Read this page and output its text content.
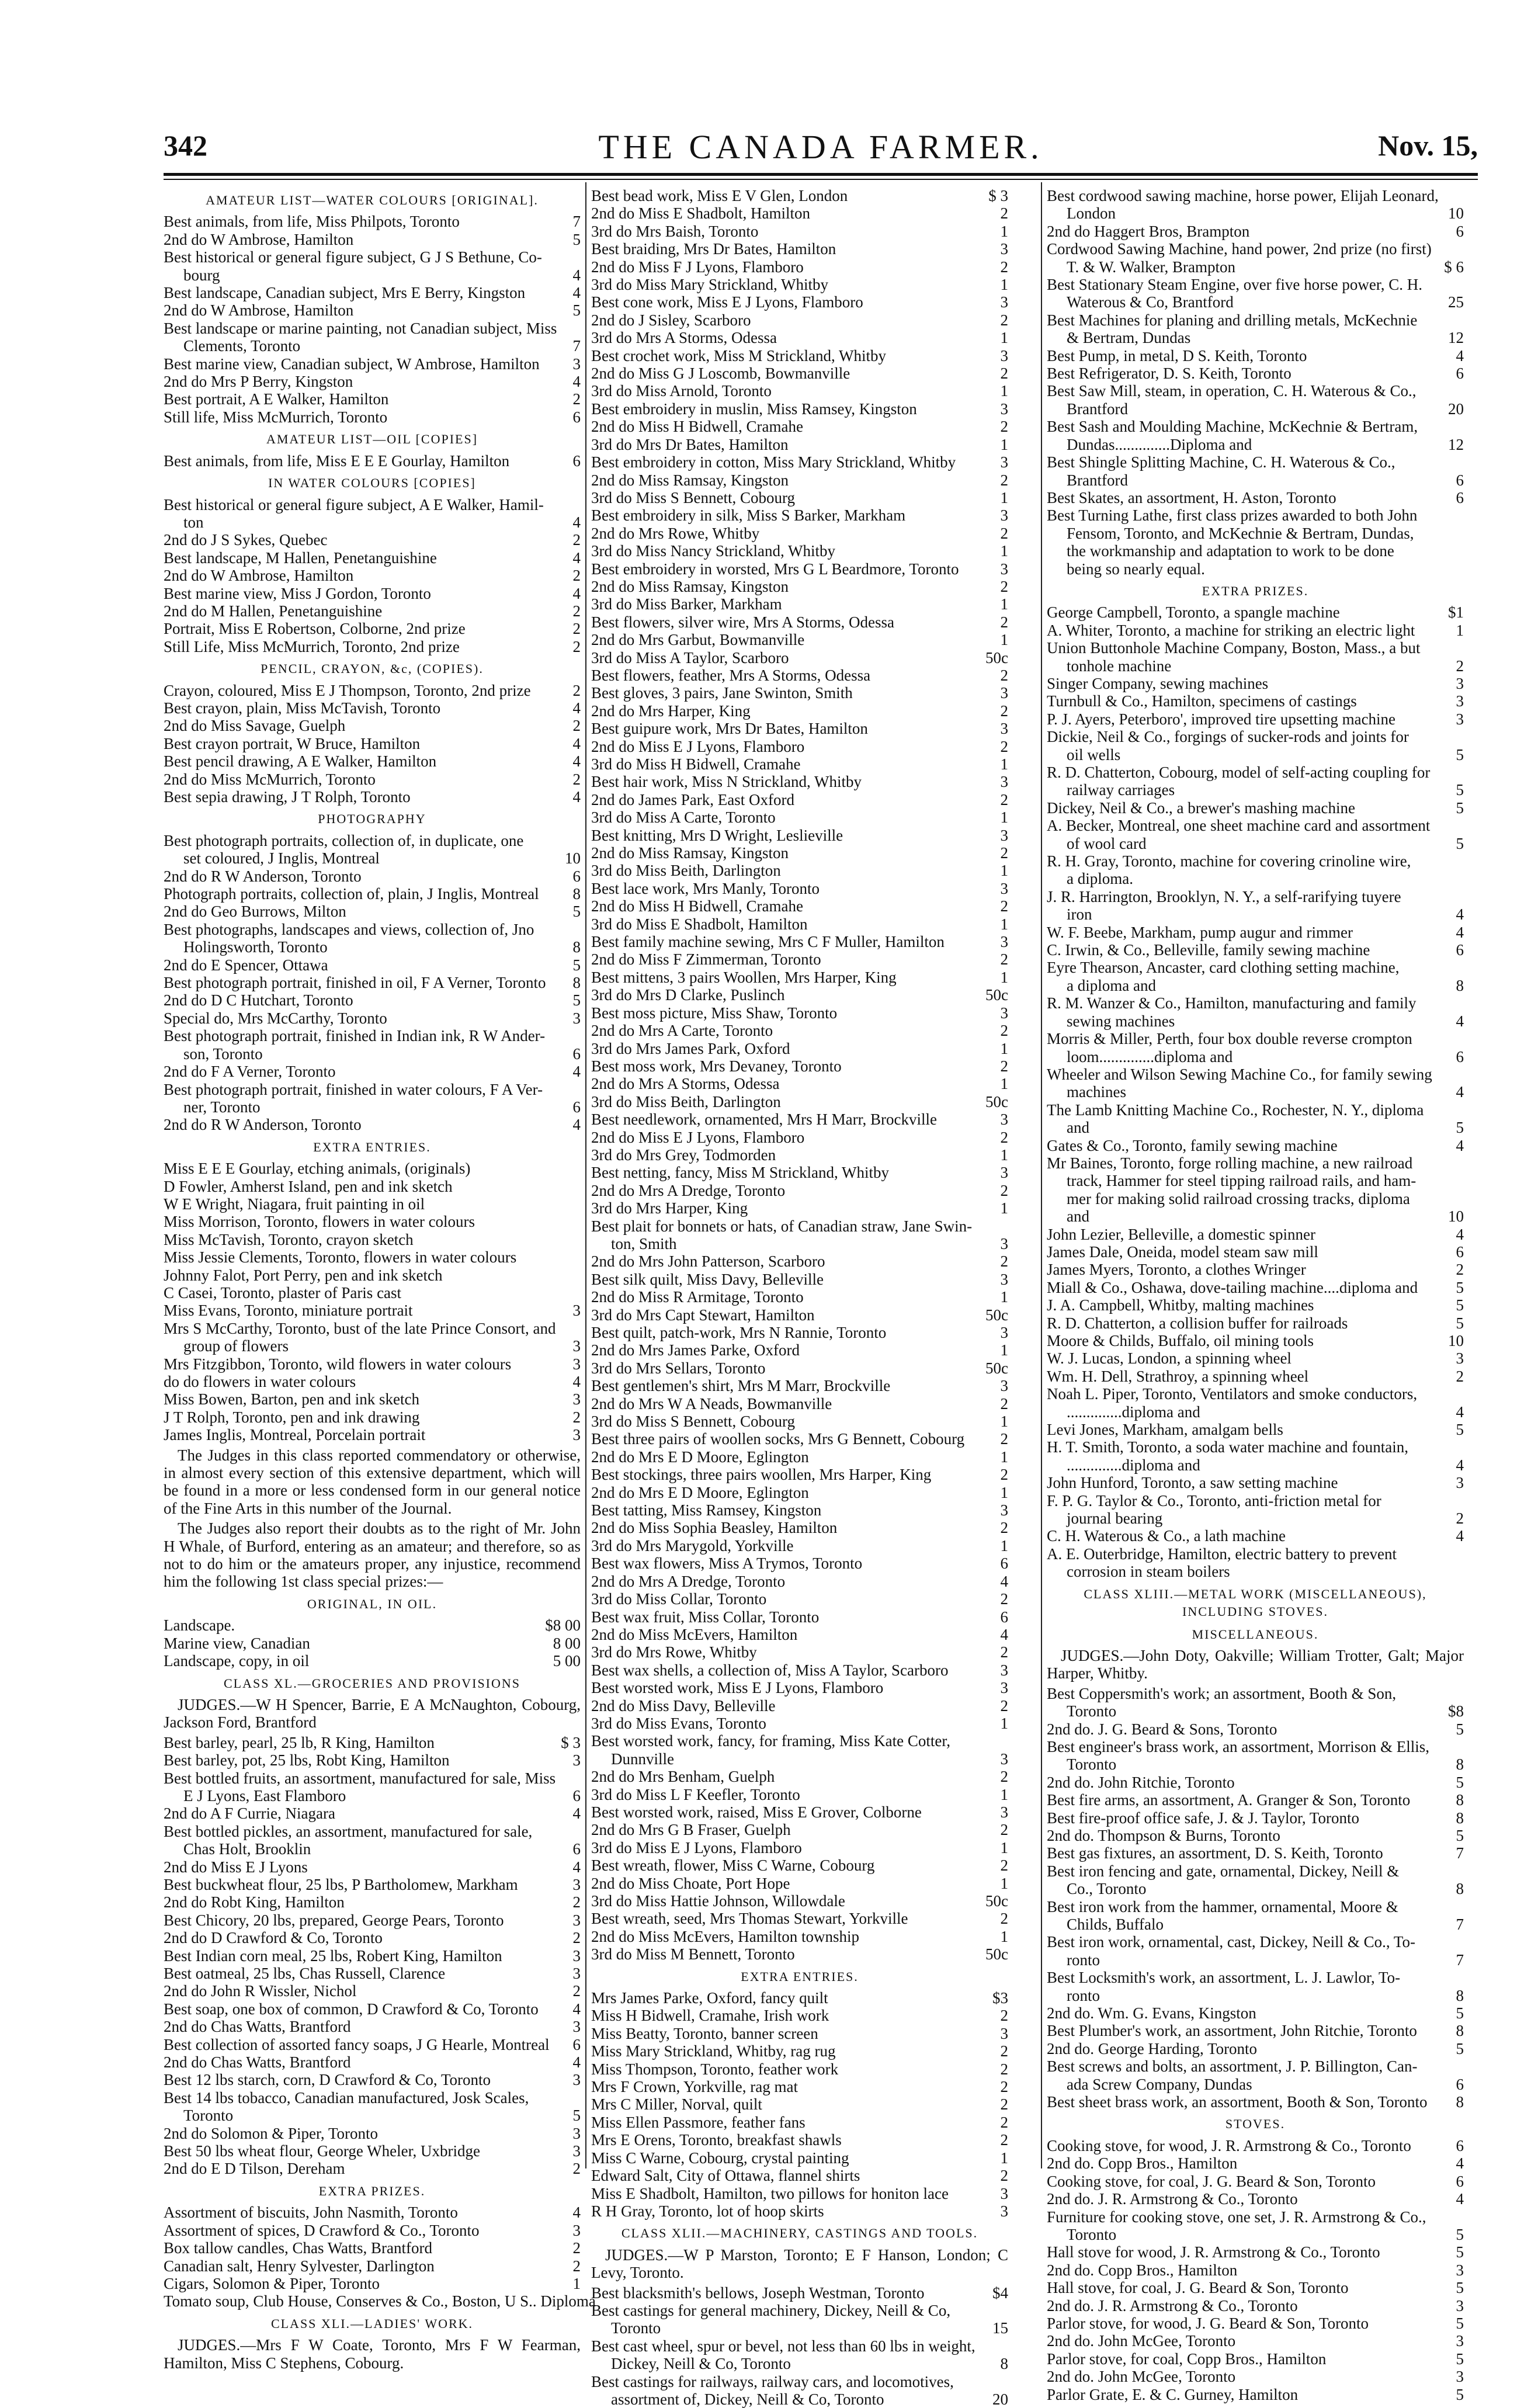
342	THE CANADA FARMER.	Nov. 15,
AMATEUR LIST—WATER COLOURS [ORIGINAL].
Best animals, from life, Miss Philpots, Toronto	7
2nd do W Ambrose, Hamilton	5
Best historical or general figure subject, G J S Bethune, Co-
bourg	4
Best landscape, Canadian subject, Mrs E Berry, Kingston	4
2nd do W Ambrose, Hamilton	5
Best landscape or marine painting, not Canadian subject, Miss
Clements, Toronto	7
Best marine view, Canadian subject, W Ambrose, Hamilton	3
2nd do Mrs P Berry, Kingston	4
Best portrait, A E Walker, Hamilton	2
Still life, Miss McMurrich, Toronto	6
AMATEUR LIST—OIL [COPIES]
Best animals, from life, Miss E E E Gourlay, Hamilton	6
IN WATER COLOURS [COPIES]
Best historical or general figure subject, A E Walker, Hamil-
ton	4
2nd do J S Sykes, Quebec	2
Best landscape, M Hallen, Penetanguishine	4
2nd do W Ambrose, Hamilton	2
Best marine view, Miss J Gordon, Toronto	4
2nd do M Hallen, Penetanguishine	2
Portrait, Miss E Robertson, Colborne, 2nd prize	2
Still Life, Miss McMurrich, Toronto, 2nd prize	2
PENCIL, CRAYON, &c, (COPIES).
Crayon, coloured, Miss E J Thompson, Toronto, 2nd prize	2
Best crayon, plain, Miss McTavish, Toronto	4
2nd do Miss Savage, Guelph	2
Best crayon portrait, W Bruce, Hamilton	4
Best pencil drawing, A E Walker, Hamilton	4
2nd do Miss McMurrich, Toronto	2
Best sepia drawing, J T Rolph, Toronto	4
PHOTOGRAPHY
Best photograph portraits, collection of, in duplicate, one
set coloured, J Inglis, Montreal	10
2nd do R W Anderson, Toronto	6
Photograph portraits, collection of, plain, J Inglis, Montreal	8
2nd do Geo Burrows, Milton	5
Best photographs, landscapes and views, collection of, Jno
Holingsworth, Toronto	8
2nd do E Spencer, Ottawa	5
Best photograph portrait, finished in oil, F A Verner, Toronto	8
2nd do D C Hutchart, Toronto	5
Special do, Mrs McCarthy, Toronto	3
Best photograph portrait, finished in Indian ink, R W Ander-
son, Toronto	6
2nd do F A Verner, Toronto	4
Best photograph portrait, finished in water colours, F A Ver-
ner, Toronto	6
2nd do R W Anderson, Toronto	4
EXTRA ENTRIES.
Miss E E E Gourlay, etching animals, (originals)
D Fowler, Amherst Island, pen and ink sketch
W E Wright, Niagara, fruit painting in oil
Miss Morrison, Toronto, flowers in water colours
Miss McTavish, Toronto, crayon sketch
Miss Jessie Clements, Toronto, flowers in water colours
Johnny Falot, Port Perry, pen and ink sketch
C Casei, Toronto, plaster of Paris cast
Miss Evans, Toronto, miniature portrait	3
Mrs S McCarthy, Toronto, bust of the late Prince Consort, and
group of flowers	3
Mrs Fitzgibbon, Toronto, wild flowers in water colours	3
do do flowers in water colours	4
Miss Bowen, Barton, pen and ink sketch	3
J T Rolph, Toronto, pen and ink drawing	2
James Inglis, Montreal, Porcelain portrait	3
The Judges in this class reported commendatory or otherwise, in almost every section of this extensive department, which will be found in a more or less condensed form in our general notice of the Fine Arts in this number of the Journal.
The Judges also report their doubts as to the right of Mr. John H Whale, of Burford, entering as an amateur; and therefore, so as not to do him or the amateurs proper, any injustice, recommend him the following 1st class special prizes:—
ORIGINAL, IN OIL.
Landscape.	$8 00
Marine view, Canadian	8 00
Landscape, copy, in oil	5 00
CLASS XL.—GROCERIES AND PROVISIONS
JUDGES.—W H Spencer, Barrie, E A McNaughton, Cobourg, Jackson Ford, Brantford
Best barley, pearl, 25 lb, R King, Hamilton	$ 3
Best barley, pot, 25 lbs, Robt King, Hamilton	3
Best bottled fruits, an assortment, manufactured for sale, Miss
E J Lyons, East Flamboro	6
2nd do A F Currie, Niagara	4
Best bottled pickles, an assortment, manufactured for sale,
Chas Holt, Brooklin	6
2nd do Miss E J Lyons	4
Best buckwheat flour, 25 lbs, P Bartholomew, Markham	3
2nd do Robt King, Hamilton	2
Best Chicory, 20 lbs, prepared, George Pears, Toronto	3
2nd do D Crawford & Co, Toronto	2
Best Indian corn meal, 25 lbs, Robert King, Hamilton	3
Best oatmeal, 25 lbs, Chas Russell, Clarence	3
2nd do John R Wissler, Nichol	2
Best soap, one box of common, D Crawford & Co, Toronto	4
2nd do Chas Watts, Brantford	3
Best collection of assorted fancy soaps, J G Hearle, Montreal	6
2nd do Chas Watts, Brantford	4
Best 12 lbs starch, corn, D Crawford & Co, Toronto	3
Best 14 lbs tobacco, Canadian manufactured, Josk Scales,
Toronto	5
2nd do Solomon & Piper, Toronto	3
Best 50 lbs wheat flour, George Wheler, Uxbridge	3
2nd do E D Tilson, Dereham	2
EXTRA PRIZES.
Assortment of biscuits, John Nasmith, Toronto	4
Assortment of spices, D Crawford & Co., Toronto	3
Box tallow candles, Chas Watts, Brantford	2
Canadian salt, Henry Sylvester, Darlington	2
Cigars, Solomon & Piper, Toronto	1
Tomato soup, Club House, Conserves & Co., Boston, U S.. Diploma
CLASS XLI.—LADIES' WORK.
JUDGES.—Mrs F W Coate, Toronto, Mrs F W Fearman, Hamilton, Miss C Stephens, Cobourg.
Best bead work, Miss E V Glen, London	$ 3
2nd do Miss E Shadbolt, Hamilton	2
3rd do Mrs Baish, Toronto	1
Best braiding, Mrs Dr Bates, Hamilton	3
2nd do Miss F J Lyons, Flamboro	2
3rd do Miss Mary Strickland, Whitby	1
Best cone work, Miss E J Lyons, Flamboro	3
2nd do J Sisley, Scarboro	2
3rd do Mrs A Storms, Odessa	1
Best crochet work, Miss M Strickland, Whitby	3
2nd do Miss G J Loscomb, Bowmanville	2
3rd do Miss Arnold, Toronto	1
Best embroidery in muslin, Miss Ramsey, Kingston	3
2nd do Miss H Bidwell, Cramahe	2
3rd do Mrs Dr Bates, Hamilton	1
Best embroidery in cotton, Miss Mary Strickland, Whitby	3
2nd do Miss Ramsay, Kingston	2
3rd do Miss S Bennett, Cobourg	1
Best embroidery in silk, Miss S Barker, Markham	3
2nd do Mrs Rowe, Whitby	2
3rd do Miss Nancy Strickland, Whitby	1
Best embroidery in worsted, Mrs G L Beardmore, Toronto	3
2nd do Miss Ramsay, Kingston	2
3rd do Miss Barker, Markham	1
Best flowers, silver wire, Mrs A Storms, Odessa	2
2nd do Mrs Garbut, Bowmanville	1
3rd do Miss A Taylor, Scarboro	50c
Best flowers, feather, Mrs A Storms, Odessa	2
Best gloves, 3 pairs, Jane Swinton, Smith	3
2nd do Mrs Harper, King	2
Best guipure work, Mrs Dr Bates, Hamilton	3
2nd do Miss E J Lyons, Flamboro	2
3rd do Miss H Bidwell, Cramahe	1
Best hair work, Miss N Strickland, Whitby	3
2nd do James Park, East Oxford	2
3rd do Miss A Carte, Toronto	1
Best knitting, Mrs D Wright, Leslieville	3
2nd do Miss Ramsay, Kingston	2
3rd do Miss Beith, Darlington	1
Best lace work, Mrs Manly, Toronto	3
2nd do Miss H Bidwell, Cramahe	2
3rd do Miss E Shadbolt, Hamilton	1
Best family machine sewing, Mrs C F Muller, Hamilton	3
2nd do Miss F Zimmerman, Toronto	2
Best mittens, 3 pairs Woollen, Mrs Harper, King	1
3rd do Mrs D Clarke, Puslinch	50c
Best moss picture, Miss Shaw, Toronto	3
2nd do Mrs A Carte, Toronto	2
3rd do Mrs James Park, Oxford	1
Best moss work, Mrs Devaney, Toronto	2
2nd do Mrs A Storms, Odessa	1
3rd do Miss Beith, Darlington	50c
Best needlework, ornamented, Mrs H Marr, Brockville	3
2nd do Miss E J Lyons, Flamboro	2
3rd do Mrs Grey, Todmorden	1
Best netting, fancy, Miss M Strickland, Whitby	3
2nd do Mrs A Dredge, Toronto	2
3rd do Mrs Harper, King	1
Best plait for bonnets or hats, of Canadian straw, Jane Swin-
ton, Smith	3
2nd do Mrs John Patterson, Scarboro	2
Best silk quilt, Miss Davy, Belleville	3
2nd do Miss R Armitage, Toronto	1
3rd do Mrs Capt Stewart, Hamilton	50c
Best quilt, patch-work, Mrs N Rannie, Toronto	3
2nd do Mrs James Parke, Oxford	1
3rd do Mrs Sellars, Toronto	50c
Best gentlemen's shirt, Mrs M Marr, Brockville	3
2nd do Mrs W A Neads, Bowmanville	2
3rd do Miss S Bennett, Cobourg	1
Best three pairs of woollen socks, Mrs G Bennett, Cobourg	2
2nd do Mrs E D Moore, Eglington	1
Best stockings, three pairs woollen, Mrs Harper, King	2
2nd do Mrs E D Moore, Eglington	1
Best tatting, Miss Ramsey, Kingston	3
2nd do Miss Sophia Beasley, Hamilton	2
3rd do Mrs Marygold, Yorkville	1
Best wax flowers, Miss A Trymos, Toronto	6
2nd do Mrs A Dredge, Toronto	4
3rd do Miss Collar, Toronto	2
Best wax fruit, Miss Collar, Toronto	6
2nd do Miss McEvers, Hamilton	4
3rd do Mrs Rowe, Whitby	2
Best wax shells, a collection of, Miss A Taylor, Scarboro	3
Best worsted work, Miss E J Lyons, Flamboro	3
2nd do Miss Davy, Belleville	2
3rd do Miss Evans, Toronto	1
Best worsted work, fancy, for framing, Miss Kate Cotter,
Dunnville	3
2nd do Mrs Benham, Guelph	2
3rd do Miss L F Keefler, Toronto	1
Best worsted work, raised, Miss E Grover, Colborne	3
2nd do Mrs G B Fraser, Guelph	2
3rd do Miss E J Lyons, Flamboro	1
Best wreath, flower, Miss C Warne, Cobourg	2
2nd do Miss Choate, Port Hope	1
3rd do Miss Hattie Johnson, Willowdale	50c
Best wreath, seed, Mrs Thomas Stewart, Yorkville	2
2nd do Miss McEvers, Hamilton township	1
3rd do Miss M Bennett, Toronto	50c
EXTRA ENTRIES.
Mrs James Parke, Oxford, fancy quilt	$3
Miss H Bidwell, Cramahe, Irish work	2
Miss Beatty, Toronto, banner screen	3
Miss Mary Strickland, Whitby, rag rug	2
Miss Thompson, Toronto, feather work	2
Mrs F Crown, Yorkville, rag mat	2
Mrs C Miller, Norval, quilt	2
Miss Ellen Passmore, feather fans	2
Mrs E Orens, Toronto, breakfast shawls	2
Miss C Warne, Cobourg, crystal painting	1
Edward Salt, City of Ottawa, flannel shirts	2
Miss E Shadbolt, Hamilton, two pillows for honiton lace	3
R H Gray, Toronto, lot of hoop skirts	3
CLASS XLII.—MACHINERY, CASTINGS AND TOOLS.
JUDGES.—W P Marston, Toronto; E F Hanson, London; C Levy, Toronto.
Best blacksmith's bellows, Joseph Westman, Toronto	$4
Best castings for general machinery, Dickey, Neill & Co,
Toronto	15
Best cast wheel, spur or bevel, not less than 60 lbs in weight,
Dickey, Neill & Co, Toronto	8
Best castings for railways, railway cars, and locomotives,
assortment of, Dickey, Neill & Co, Toronto	20
Best cordwood sawing machine, horse power, Elijah Leonard,
London	10
2nd do Haggert Bros, Brampton	6
Cordwood Sawing Machine, hand power, 2nd prize (no first)
T. & W. Walker, Brampton	$ 6
Best Stationary Steam Engine, over five horse power, C. H.
Waterous & Co, Brantford	25
Best Machines for planing and drilling metals, McKechnie
& Bertram, Dundas	12
Best Pump, in metal, D S. Keith, Toronto	4
Best Refrigerator, D. S. Keith, Toronto	6
Best Saw Mill, steam, in operation, C. H. Waterous & Co.,
Brantford	20
Best Sash and Moulding Machine, McKechnie & Bertram,
Dundas..............Diploma and	12
Best Shingle Splitting Machine, C. H. Waterous & Co.,
Brantford	6
Best Skates, an assortment, H. Aston, Toronto	6
Best Turning Lathe, first class prizes awarded to both John
Fensom, Toronto, and McKechnie & Bertram, Dundas,
the workmanship and adaptation to work to be done
being so nearly equal.
EXTRA PRIZES.
George Campbell, Toronto, a spangle machine	$1
A. Whiter, Toronto, a machine for striking an electric light	1
Union Buttonhole Machine Company, Boston, Mass., a but
tonhole machine	2
Singer Company, sewing machines	3
Turnbull & Co., Hamilton, specimens of castings	3
P. J. Ayers, Peterboro', improved tire upsetting machine	3
Dickie, Neil & Co., forgings of sucker-rods and joints for
oil wells	5
R. D. Chatterton, Cobourg, model of self-acting coupling for
railway carriages	5
Dickey, Neil & Co., a brewer's mashing machine	5
A. Becker, Montreal, one sheet machine card and assortment
of wool card	5
R. H. Gray, Toronto, machine for covering crinoline wire,
a diploma.
J. R. Harrington, Brooklyn, N. Y., a self-rarifying tuyere
iron	4
W. F. Beebe, Markham, pump augur and rimmer	4
C. Irwin, & Co., Belleville, family sewing machine	6
Eyre Thearson, Ancaster, card clothing setting machine,
a diploma and	8
R. M. Wanzer & Co., Hamilton, manufacturing and family
sewing machines	4
Morris & Miller, Perth, four box double reverse crompton
loom..............diploma and	6
Wheeler and Wilson Sewing Machine Co., for family sewing
machines	4
The Lamb Knitting Machine Co., Rochester, N. Y., diploma
and	5
Gates & Co., Toronto, family sewing machine	4
Mr Baines, Toronto, forge rolling machine, a new railroad
track, Hammer for steel tipping railroad rails, and ham-
mer for making solid railroad crossing tracks, diploma
and	10
John Lezier, Belleville, a domestic spinner	4
James Dale, Oneida, model steam saw mill	6
James Myers, Toronto, a clothes Wringer	2
Miall & Co., Oshawa, dove-tailing machine....diploma and	5
J. A. Campbell, Whitby, malting machines	5
R. D. Chatterton, a collision buffer for railroads	5
Moore & Childs, Buffalo, oil mining tools	10
W. J. Lucas, London, a spinning wheel	3
Wm. H. Dell, Strathroy, a spinning wheel	2
Noah L. Piper, Toronto, Ventilators and smoke conductors,
..............diploma and	4
Levi Jones, Markham, amalgam bells	5
H. T. Smith, Toronto, a soda water machine and fountain,
..............diploma and	4
John Hunford, Toronto, a saw setting machine	3
F. P. G. Taylor & Co., Toronto, anti-friction metal for
journal bearing	2
C. H. Waterous & Co., a lath machine	4
A. E. Outerbridge, Hamilton, electric battery to prevent
corrosion in steam boilers
CLASS XLIII.—METAL WORK (MISCELLANEOUS), INCLUDING STOVES.
MISCELLANEOUS.
JUDGES.—John Doty, Oakville; William Trotter, Galt; Major Harper, Whitby.
Best Coppersmith's work; an assortment, Booth & Son,
Toronto	$8
2nd do. J. G. Beard & Sons, Toronto	5
Best engineer's brass work, an assortment, Morrison & Ellis,
Toronto	8
2nd do. John Ritchie, Toronto	5
Best fire arms, an assortment, A. Granger & Son, Toronto	8
Best fire-proof office safe, J. & J. Taylor, Toronto	8
2nd do. Thompson & Burns, Toronto	5
Best gas fixtures, an assortment, D. S. Keith, Toronto	7
Best iron fencing and gate, ornamental, Dickey, Neill &
Co., Toronto	8
Best iron work from the hammer, ornamental, Moore &
Childs, Buffalo	7
Best iron work, ornamental, cast, Dickey, Neill & Co., To-
ronto	7
Best Locksmith's work, an assortment, L. J. Lawlor, To-
ronto	8
2nd do. Wm. G. Evans, Kingston	5
Best Plumber's work, an assortment, John Ritchie, Toronto	8
2nd do. George Harding, Toronto	5
Best screws and bolts, an assortment, J. P. Billington, Can-
ada Screw Company, Dundas	6
Best sheet brass work, an assortment, Booth & Son, Toronto	8
STOVES.
Cooking stove, for wood, J. R. Armstrong & Co., Toronto	6
2nd do. Copp Bros., Hamilton	4
Cooking stove, for coal, J. G. Beard & Son, Toronto	6
2nd do. J. R. Armstrong & Co., Toronto	4
Furniture for cooking stove, one set, J. R. Armstrong & Co.,
Toronto	5
Hall stove for wood, J. R. Armstrong & Co., Toronto	5
2nd do. Copp Bros., Hamilton	3
Hall stove, for coal, J. G. Beard & Son, Toronto	5
2nd do. J. R. Armstrong & Co., Toronto	3
Parlor stove, for wood, J. G. Beard & Son, Toronto	5
2nd do. John McGee, Toronto	3
Parlor stove, for coal, Copp Bros., Hamilton	5
2nd do. John McGee, Toronto	3
Parlor Grate, E. & C. Gurney, Hamilton	5
